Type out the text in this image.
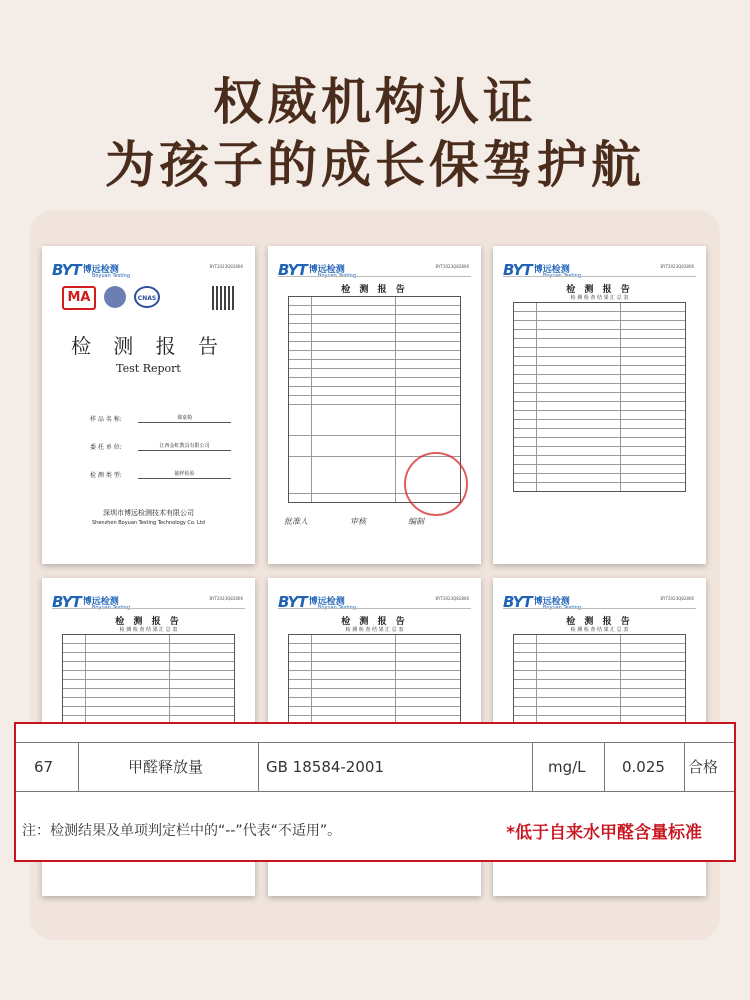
权威机构认证
为孩子的成长保驾护航
BYT 博远检测
Boyuan Testing
BYT2023Q82806
MA	CNAS
检 测 报 告
Test Report
样 品 名 称:	课桌椅
委 托 单 位:	江西金虹教具有限公司
检 测 类 型:	抽样检验
深圳市博远检测技术有限公司
Shenzhen Boyuan Testing Technology Co. Ltd
BYT 博远检测
Boyuan Testing
BYT2023Q82806
检 测 报 告
批准人	审核	编制
BYT 博远检测
Boyuan Testing
BYT2023Q82806
检 测 报 告
检 测 检 查 结 果 汇 总 表
BYT 博远检测
Boyuan Testing
BYT2023Q82806
检 测 报 告
检 测 检 查 结 果 汇 总 表
BYT 博远检测
Boyuan Testing
BYT2023Q82806
检 测 报 告
检 测 检 查 结 果 汇 总 表
BYT 博远检测
Boyuan Testing
BYT2023Q82806
检 测 报 告
检 测 检 查 结 果 汇 总 表
67	甲醛释放量	GB 18584-2001	mg/L 0.025 合格
注：检测结果及单项判定栏中的“--”代表“不适用”。	*低于自来水甲醛含量标准
